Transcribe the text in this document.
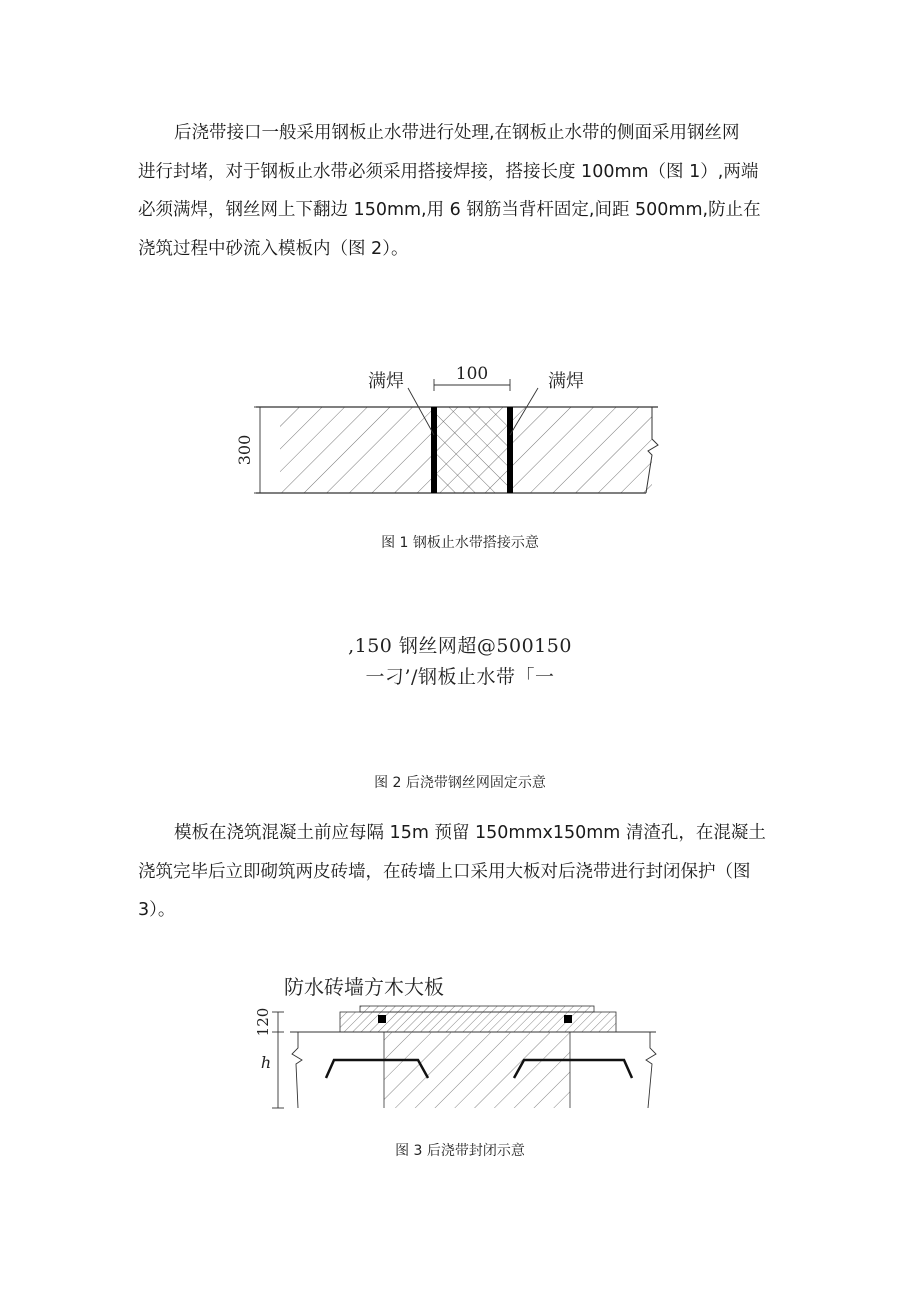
后浇带接口一般采用钢板止水带进行处理,在钢板止水带的侧面采用钢丝网
进行封堵，对于钢板止水带必须采用搭接焊接，搭接长度 100mm（图 1）,两端
必须满焊，钢丝网上下翻边 150mm,用 6 钢筋当背杆固定,间距 500mm,防止在
浇筑过程中砂流入模板内（图 2）。
100
满焊	满焊
300
图 1 钢板止水带搭接示意
,150 钢丝网超@500150
一刁’/钢板止水带「一
图 2 后浇带钢丝网固定示意
模板在浇筑混凝土前应每隔 15m 预留 150mmx150mm 清渣孔，在混凝土
浇筑完毕后立即砌筑两皮砖墙，在砖墙上口采用大板对后浇带进行封闭保护（图
3）。
防水砖墙方木大板
120
h
图 3 后浇带封闭示意
